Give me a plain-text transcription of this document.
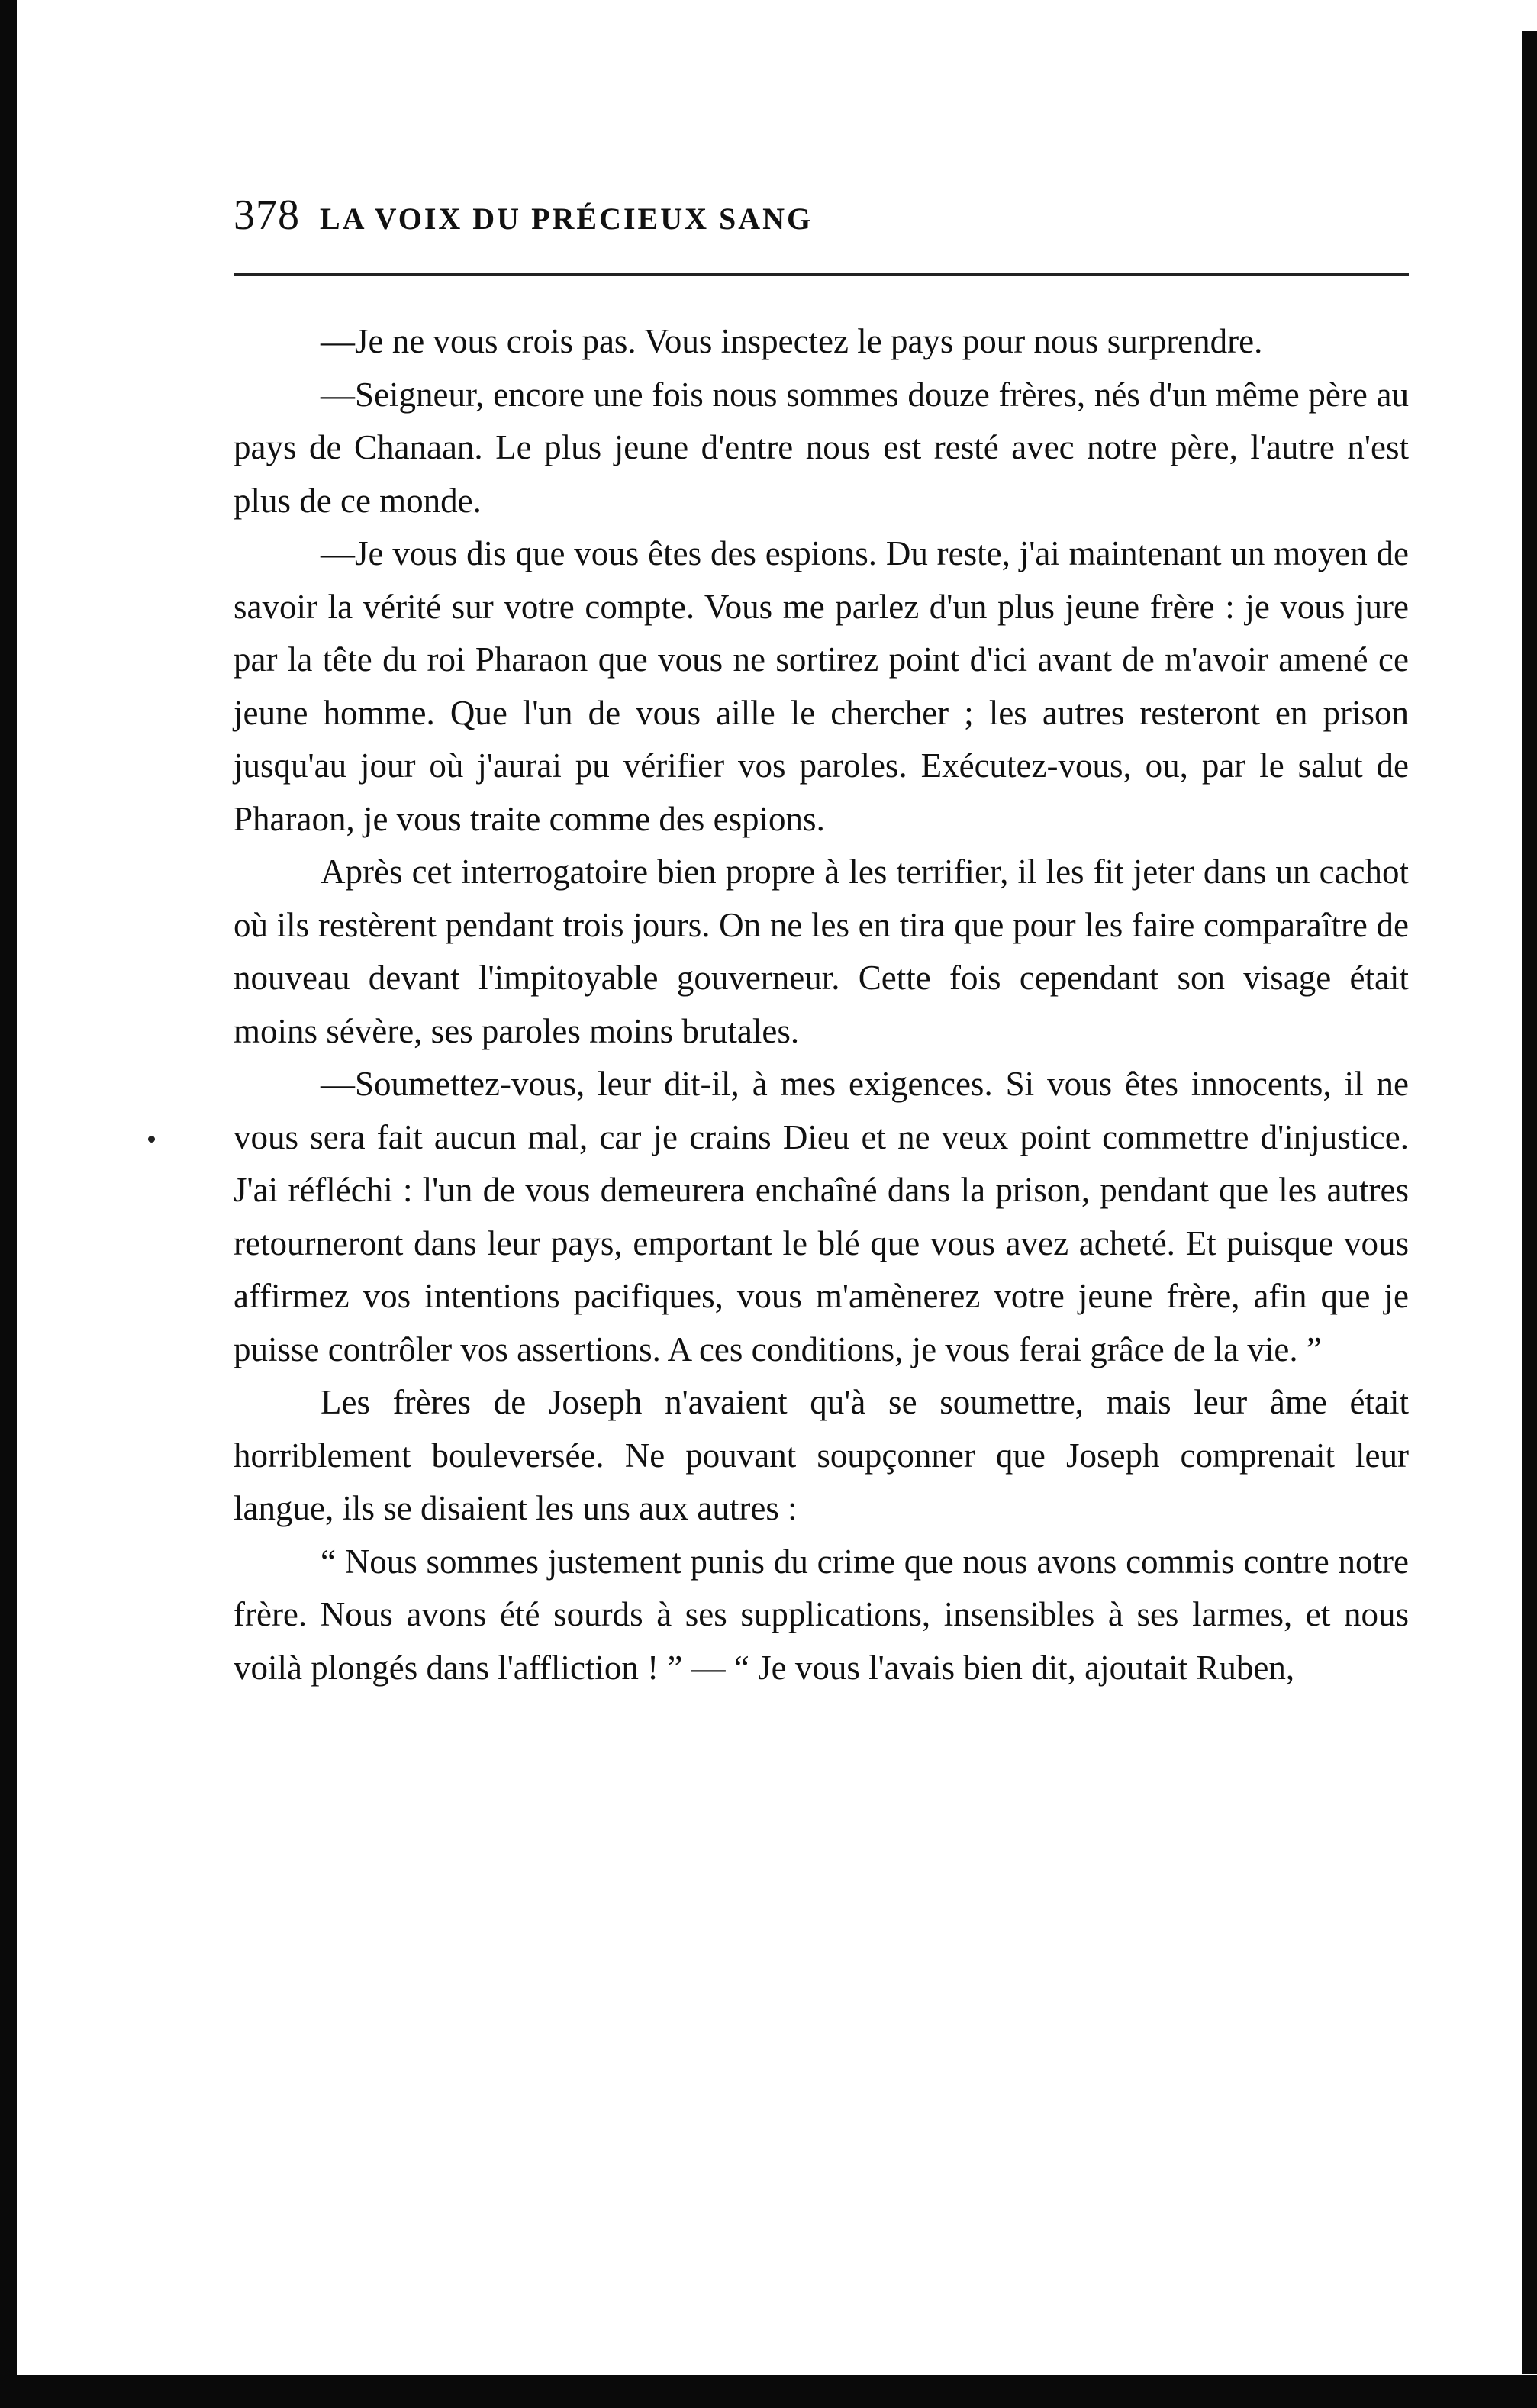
378 LA VOIX DU PRÉCIEUX SANG

—Je ne vous crois pas. Vous inspectez le pays pour nous surprendre.

—Seigneur, encore une fois nous sommes douze frères, nés d'un même père au pays de Chanaan. Le plus jeune d'entre nous est resté avec notre père, l'autre n'est plus de ce monde.

—Je vous dis que vous êtes des espions. Du reste, j'ai maintenant un moyen de savoir la vérité sur votre compte. Vous me parlez d'un plus jeune frère : je vous jure par la tête du roi Pharaon que vous ne sortirez point d'ici avant de m'avoir amené ce jeune homme. Que l'un de vous aille le chercher ; les autres resteront en prison jusqu'au jour où j'aurai pu vérifier vos paroles. Exécutez-vous, ou, par le salut de Pharaon, je vous traite comme des espions.

Après cet interrogatoire bien propre à les terrifier, il les fit jeter dans un cachot où ils restèrent pendant trois jours. On ne les en tira que pour les faire comparaître de nouveau devant l'impitoyable gouverneur. Cette fois cependant son visage était moins sévère, ses paroles moins brutales.

—Soumettez-vous, leur dit-il, à mes exigences. Si vous êtes innocents, il ne vous sera fait aucun mal, car je crains Dieu et ne veux point commettre d'injustice. J'ai réfléchi : l'un de vous demeurera enchaîné dans la prison, pendant que les autres retourneront dans leur pays, emportant le blé que vous avez acheté. Et puisque vous affirmez vos intentions pacifiques, vous m'amènerez votre jeune frère, afin que je puisse contrôler vos assertions. A ces conditions, je vous ferai grâce de la vie. ”

Les frères de Joseph n'avaient qu'à se soumettre, mais leur âme était horriblement bouleversée. Ne pouvant soupçonner que Joseph comprenait leur langue, ils se disaient les uns aux autres :

“ Nous sommes justement punis du crime que nous avons commis contre notre frère. Nous avons été sourds à ses supplications, insensibles à ses larmes, et nous voilà plongés dans l'affliction ! ” — “ Je vous l'avais bien dit, ajoutait Ruben,
